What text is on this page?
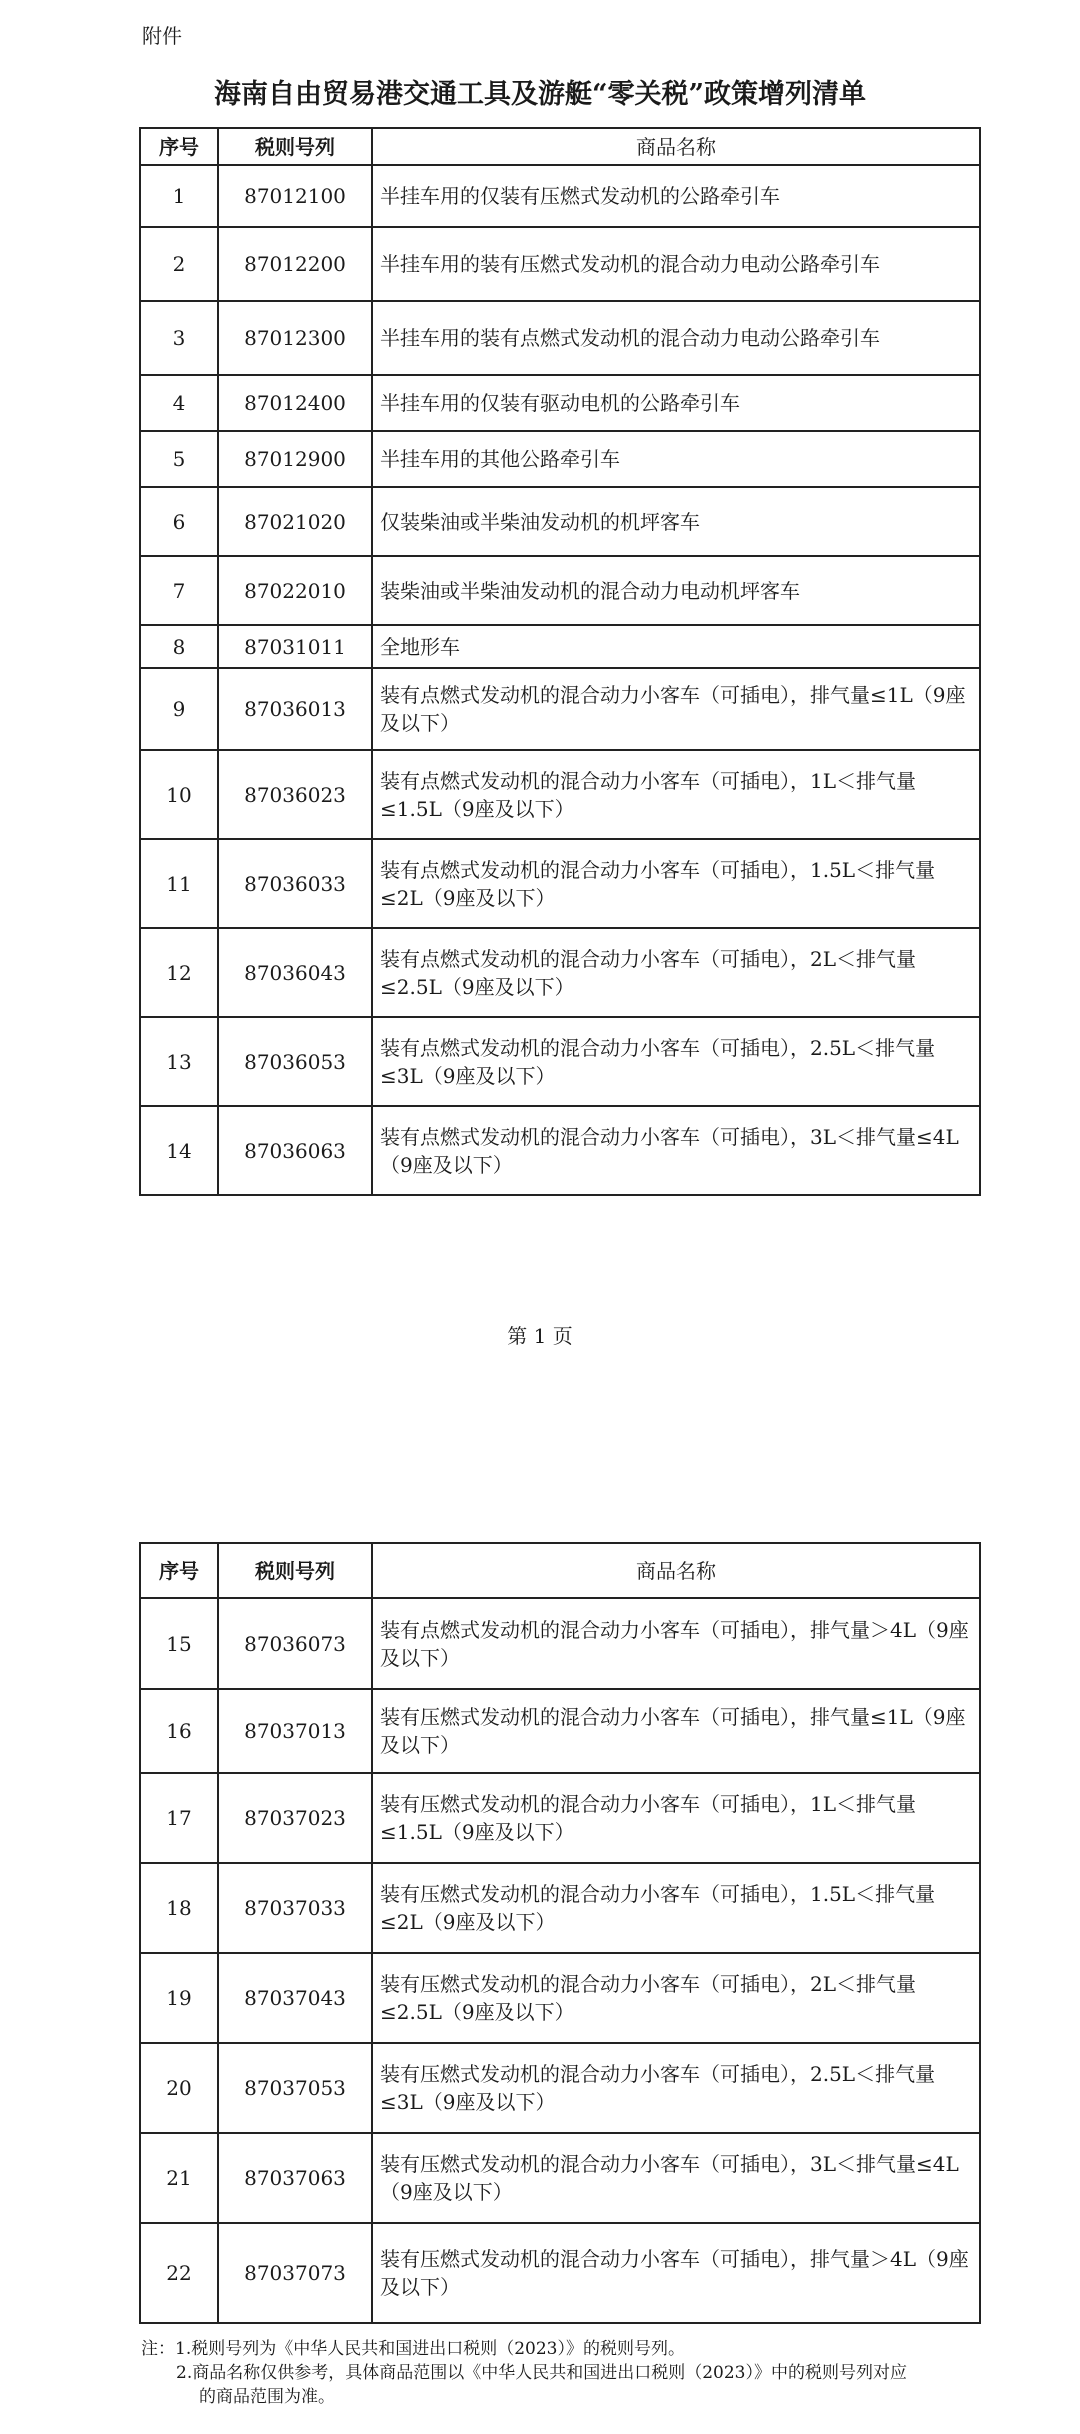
附件
海南自由贸易港交通工具及游艇“零关税”政策增列清单
序号	税则号列	商品名称
1	87012100	半挂车用的仅装有压燃式发动机的公路牵引车
2	87012200	半挂车用的装有压燃式发动机的混合动力电动公路牵引车
3	87012300	半挂车用的装有点燃式发动机的混合动力电动公路牵引车
4	87012400	半挂车用的仅装有驱动电机的公路牵引车
5	87012900	半挂车用的其他公路牵引车
6	87021020	仅装柴油或半柴油发动机的机坪客车
7	87022010	装柴油或半柴油发动机的混合动力电动机坪客车
8	87031011	全地形车
9	87036013	装有点燃式发动机的混合动力小客车（可插电），排气量≤1L（9座及以下）
10	87036023	装有点燃式发动机的混合动力小客车（可插电），1L＜排气量≤1.5L（9座及以下）
11	87036033	装有点燃式发动机的混合动力小客车（可插电），1.5L＜排气量≤2L（9座及以下）
12	87036043	装有点燃式发动机的混合动力小客车（可插电），2L＜排气量≤2.5L（9座及以下）
13	87036053	装有点燃式发动机的混合动力小客车（可插电），2.5L＜排气量≤3L（9座及以下）
14	87036063	装有点燃式发动机的混合动力小客车（可插电），3L＜排气量≤4L（9座及以下）
第 1 页
序号	税则号列	商品名称
15	87036073	装有点燃式发动机的混合动力小客车（可插电），排气量＞4L（9座及以下）
16	87037013	装有压燃式发动机的混合动力小客车（可插电），排气量≤1L（9座及以下）
17	87037023	装有压燃式发动机的混合动力小客车（可插电），1L＜排气量≤1.5L（9座及以下）
18	87037033	装有压燃式发动机的混合动力小客车（可插电），1.5L＜排气量≤2L（9座及以下）
19	87037043	装有压燃式发动机的混合动力小客车（可插电），2L＜排气量≤2.5L（9座及以下）
20	87037053	装有压燃式发动机的混合动力小客车（可插电），2.5L＜排气量≤3L（9座及以下）
21	87037063	装有压燃式发动机的混合动力小客车（可插电），3L＜排气量≤4L（9座及以下）
22	87037073	装有压燃式发动机的混合动力小客车（可插电），排气量＞4L（9座及以下）
注：1.税则号列为《中华人民共和国进出口税则（2023）》的税则号列。
2.商品名称仅供参考，具体商品范围以《中华人民共和国进出口税则（2023）》中的税则号列对应
的商品范围为准。
